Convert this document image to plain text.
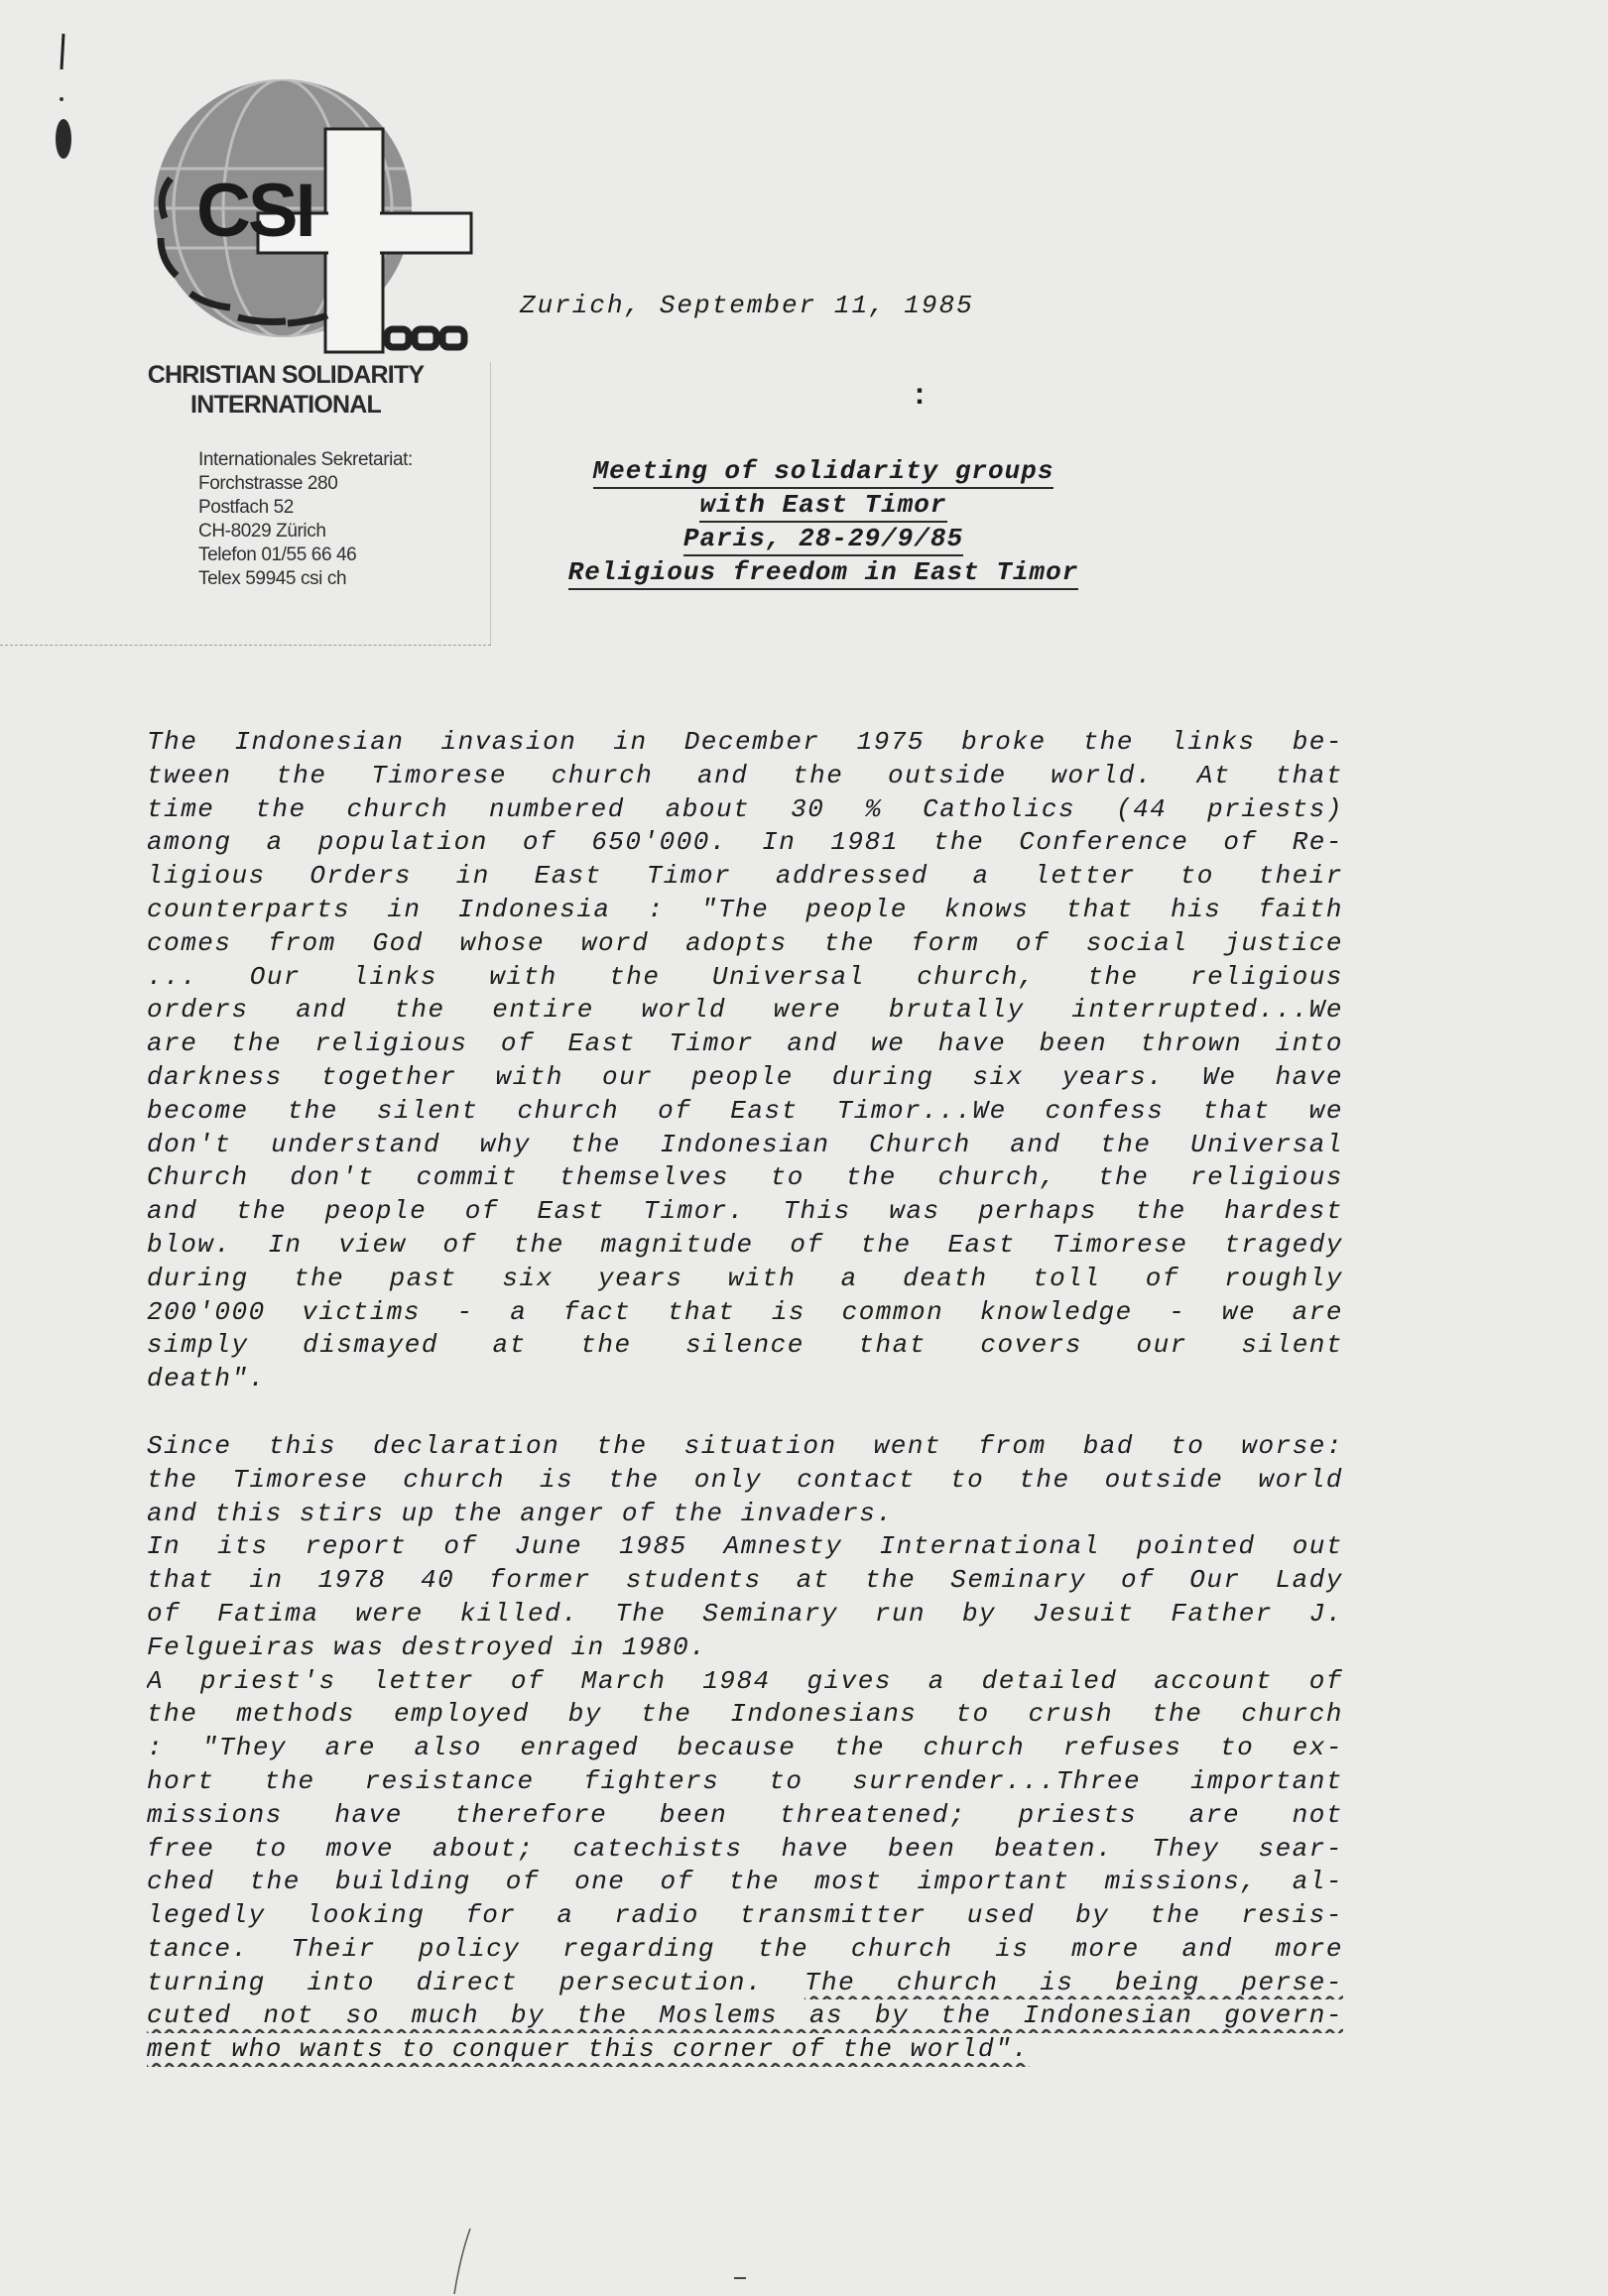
CSI
CHRISTIAN SOLIDARITY
INTERNATIONAL
Internationales Sekretariat:
Forchstrasse 280
Postfach 52
CH-8029 Zürich
Telefon 01/55 66 46
Telex 59945 csi ch
Zurich, September 11, 1985
:
Meeting of solidarity groups
with East Timor
Paris, 28-29/9/85
Religious freedom in East Timor
The Indonesian invasion in December 1975 broke the links be-
tween the Timorese church and the outside world. At that
time the church numbered about 30 % Catholics (44 priests)
among a population of 650'000. In 1981 the Conference of Re-
ligious Orders in East Timor addressed a letter to their
counterparts in Indonesia : "The people knows that his faith
comes from God whose word adopts the form of social justice
... Our links with the Universal church, the religious
orders and the entire world were brutally interrupted...We
are the religious of East Timor and we have been thrown into
darkness together with our people during six years. We have
become the silent church of East Timor...We confess that we
don't understand why the Indonesian Church and the Universal
Church don't commit themselves to the church, the religious
and the people of East Timor. This was perhaps the hardest
blow. In view of the magnitude of the East Timorese tragedy
during the past six years with a death toll of roughly
200'000 victims - a fact that is common knowledge - we are
simply dismayed at the silence that covers our silent
death".
Since this declaration the situation went from bad to worse:
the Timorese church is the only contact to the outside world
and this stirs up the anger of the invaders.
In its report of June 1985 Amnesty International pointed out
that in 1978 40 former students at the Seminary of Our Lady
of Fatima were killed. The Seminary run by Jesuit Father J.
Felgueiras was destroyed in 1980.
A priest's letter of March 1984 gives a detailed account of
the methods employed by the Indonesians to crush the church
: "They are also enraged because the church refuses to ex-
hort the resistance fighters to surrender...Three important
missions have therefore been threatened; priests are not
free to move about; catechists have been beaten. They sear-
ched the building of one of the most important missions, al-
legedly looking for a radio transmitter used by the resis-
tance. Their policy regarding the church is more and more
turning into direct persecution. The church is being perse-
cuted not so much by the Moslems as by the Indonesian govern-
ment who wants to conquer this corner of the world".
